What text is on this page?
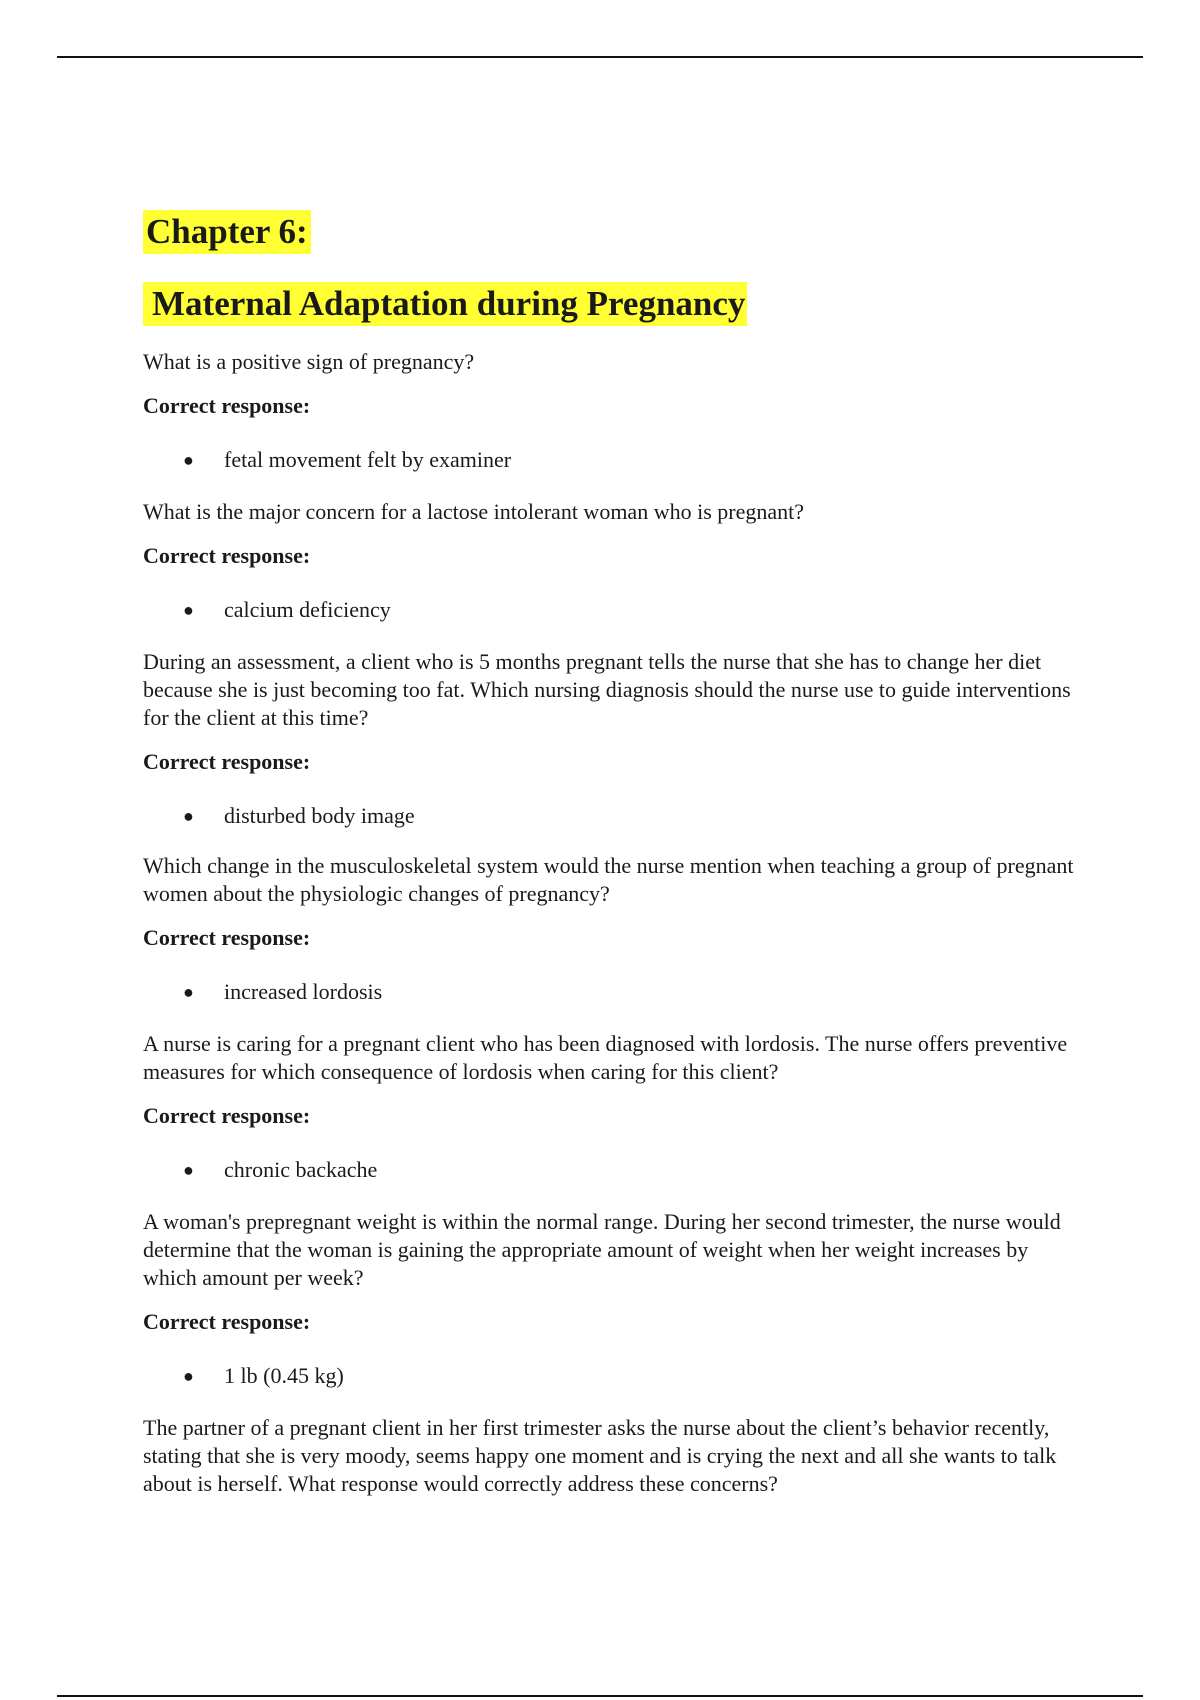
Chapter 6:
Maternal Adaptation during Pregnancy

What is a positive sign of pregnancy?

Correct response:
● fetal movement felt by examiner

What is the major concern for a lactose intolerant woman who is pregnant?

Correct response:
● calcium deficiency

During an assessment, a client who is 5 months pregnant tells the nurse that she has to change her diet because she is just becoming too fat. Which nursing diagnosis should the nurse use to guide interventions for the client at this time?

Correct response:
● disturbed body image

Which change in the musculoskeletal system would the nurse mention when teaching a group of pregnant women about the physiologic changes of pregnancy?

Correct response:
● increased lordosis

A nurse is caring for a pregnant client who has been diagnosed with lordosis. The nurse offers preventive measures for which consequence of lordosis when caring for this client?

Correct response:
● chronic backache

A woman's prepregnant weight is within the normal range. During her second trimester, the nurse would determine that the woman is gaining the appropriate amount of weight when her weight increases by which amount per week?

Correct response:
● 1 lb (0.45 kg)

The partner of a pregnant client in her first trimester asks the nurse about the client’s behavior recently, stating that she is very moody, seems happy one moment and is crying the next and all she wants to talk about is herself. What response would correctly address these concerns?
